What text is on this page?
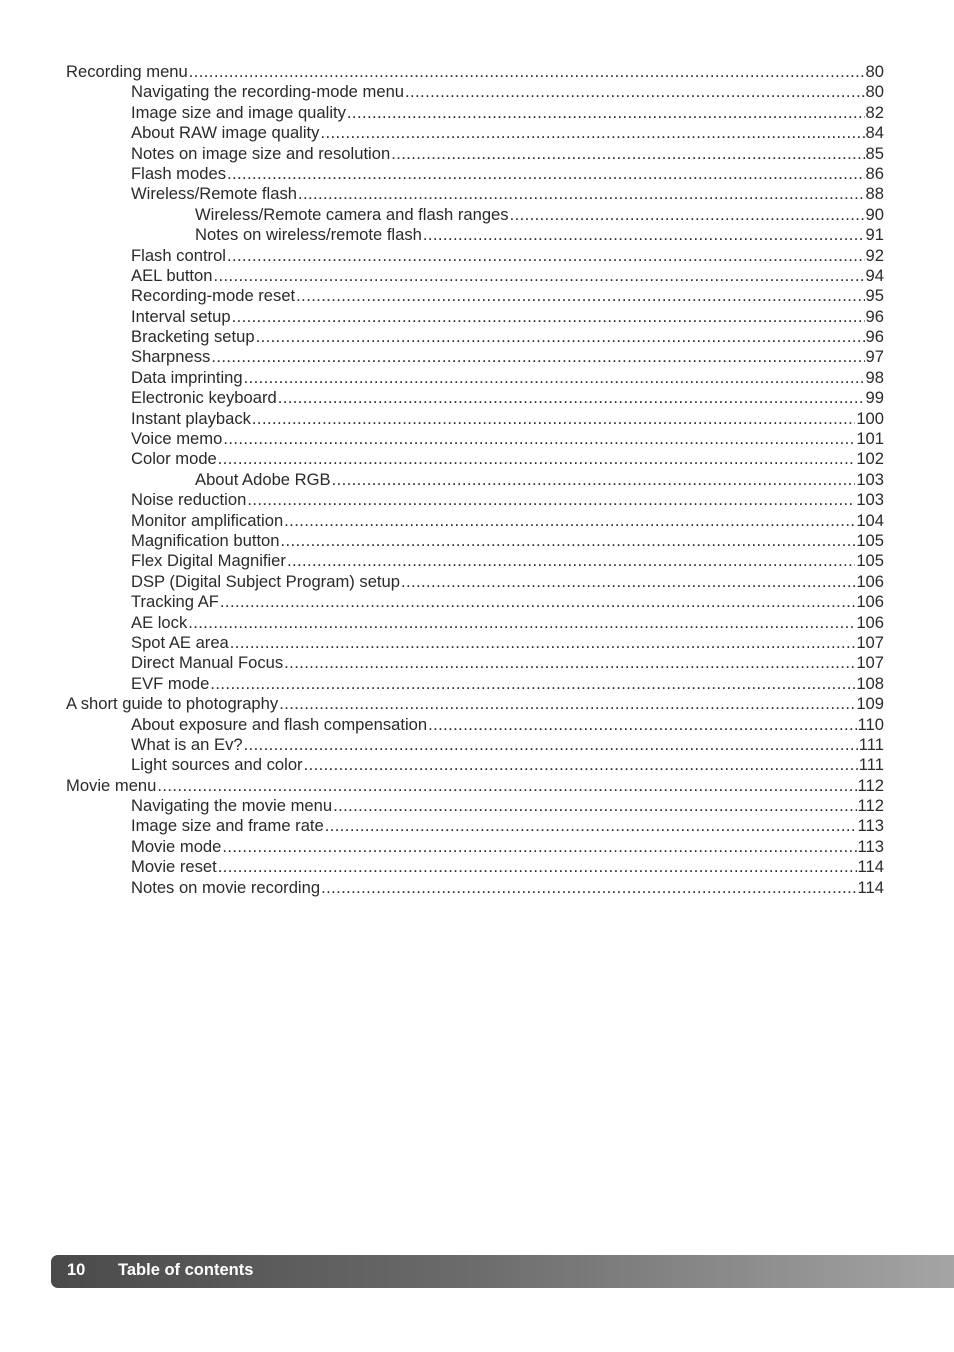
Recording menu .....	80
Navigating the recording-mode menu .....	80
Image size and image quality .....	82
About RAW image quality .....	84
Notes on image size and resolution .....	85
Flash modes .....	86
Wireless/Remote flash .....	88
Wireless/Remote camera and flash ranges .....	90
Notes on wireless/remote flash .....	91
Flash control .....	92
AEL button .....	94
Recording-mode reset .....	95
Interval setup .....	96
Bracketing setup .....	96
Sharpness .....	97
Data imprinting .....	98
Electronic keyboard .....	99
Instant playback .....	100
Voice memo .....	101
Color mode .....	102
About Adobe RGB .....	103
Noise reduction .....	103
Monitor amplification .....	104
Magnification button .....	105
Flex Digital Magnifier .....	105
DSP (Digital Subject Program) setup .....	106
Tracking AF .....	106
AE lock .....	106
Spot AE area .....	107
Direct Manual Focus .....	107
EVF mode .....	108
A short guide to photography .....	109
About exposure and flash compensation .....	110
What is an Ev? .....	111
Light sources and color .....	111
Movie menu .....	112
Navigating the movie menu .....	112
Image size and frame rate .....	113
Movie mode .....	113
Movie reset .....	114
Notes on movie recording .....	114
10 Table of contents
